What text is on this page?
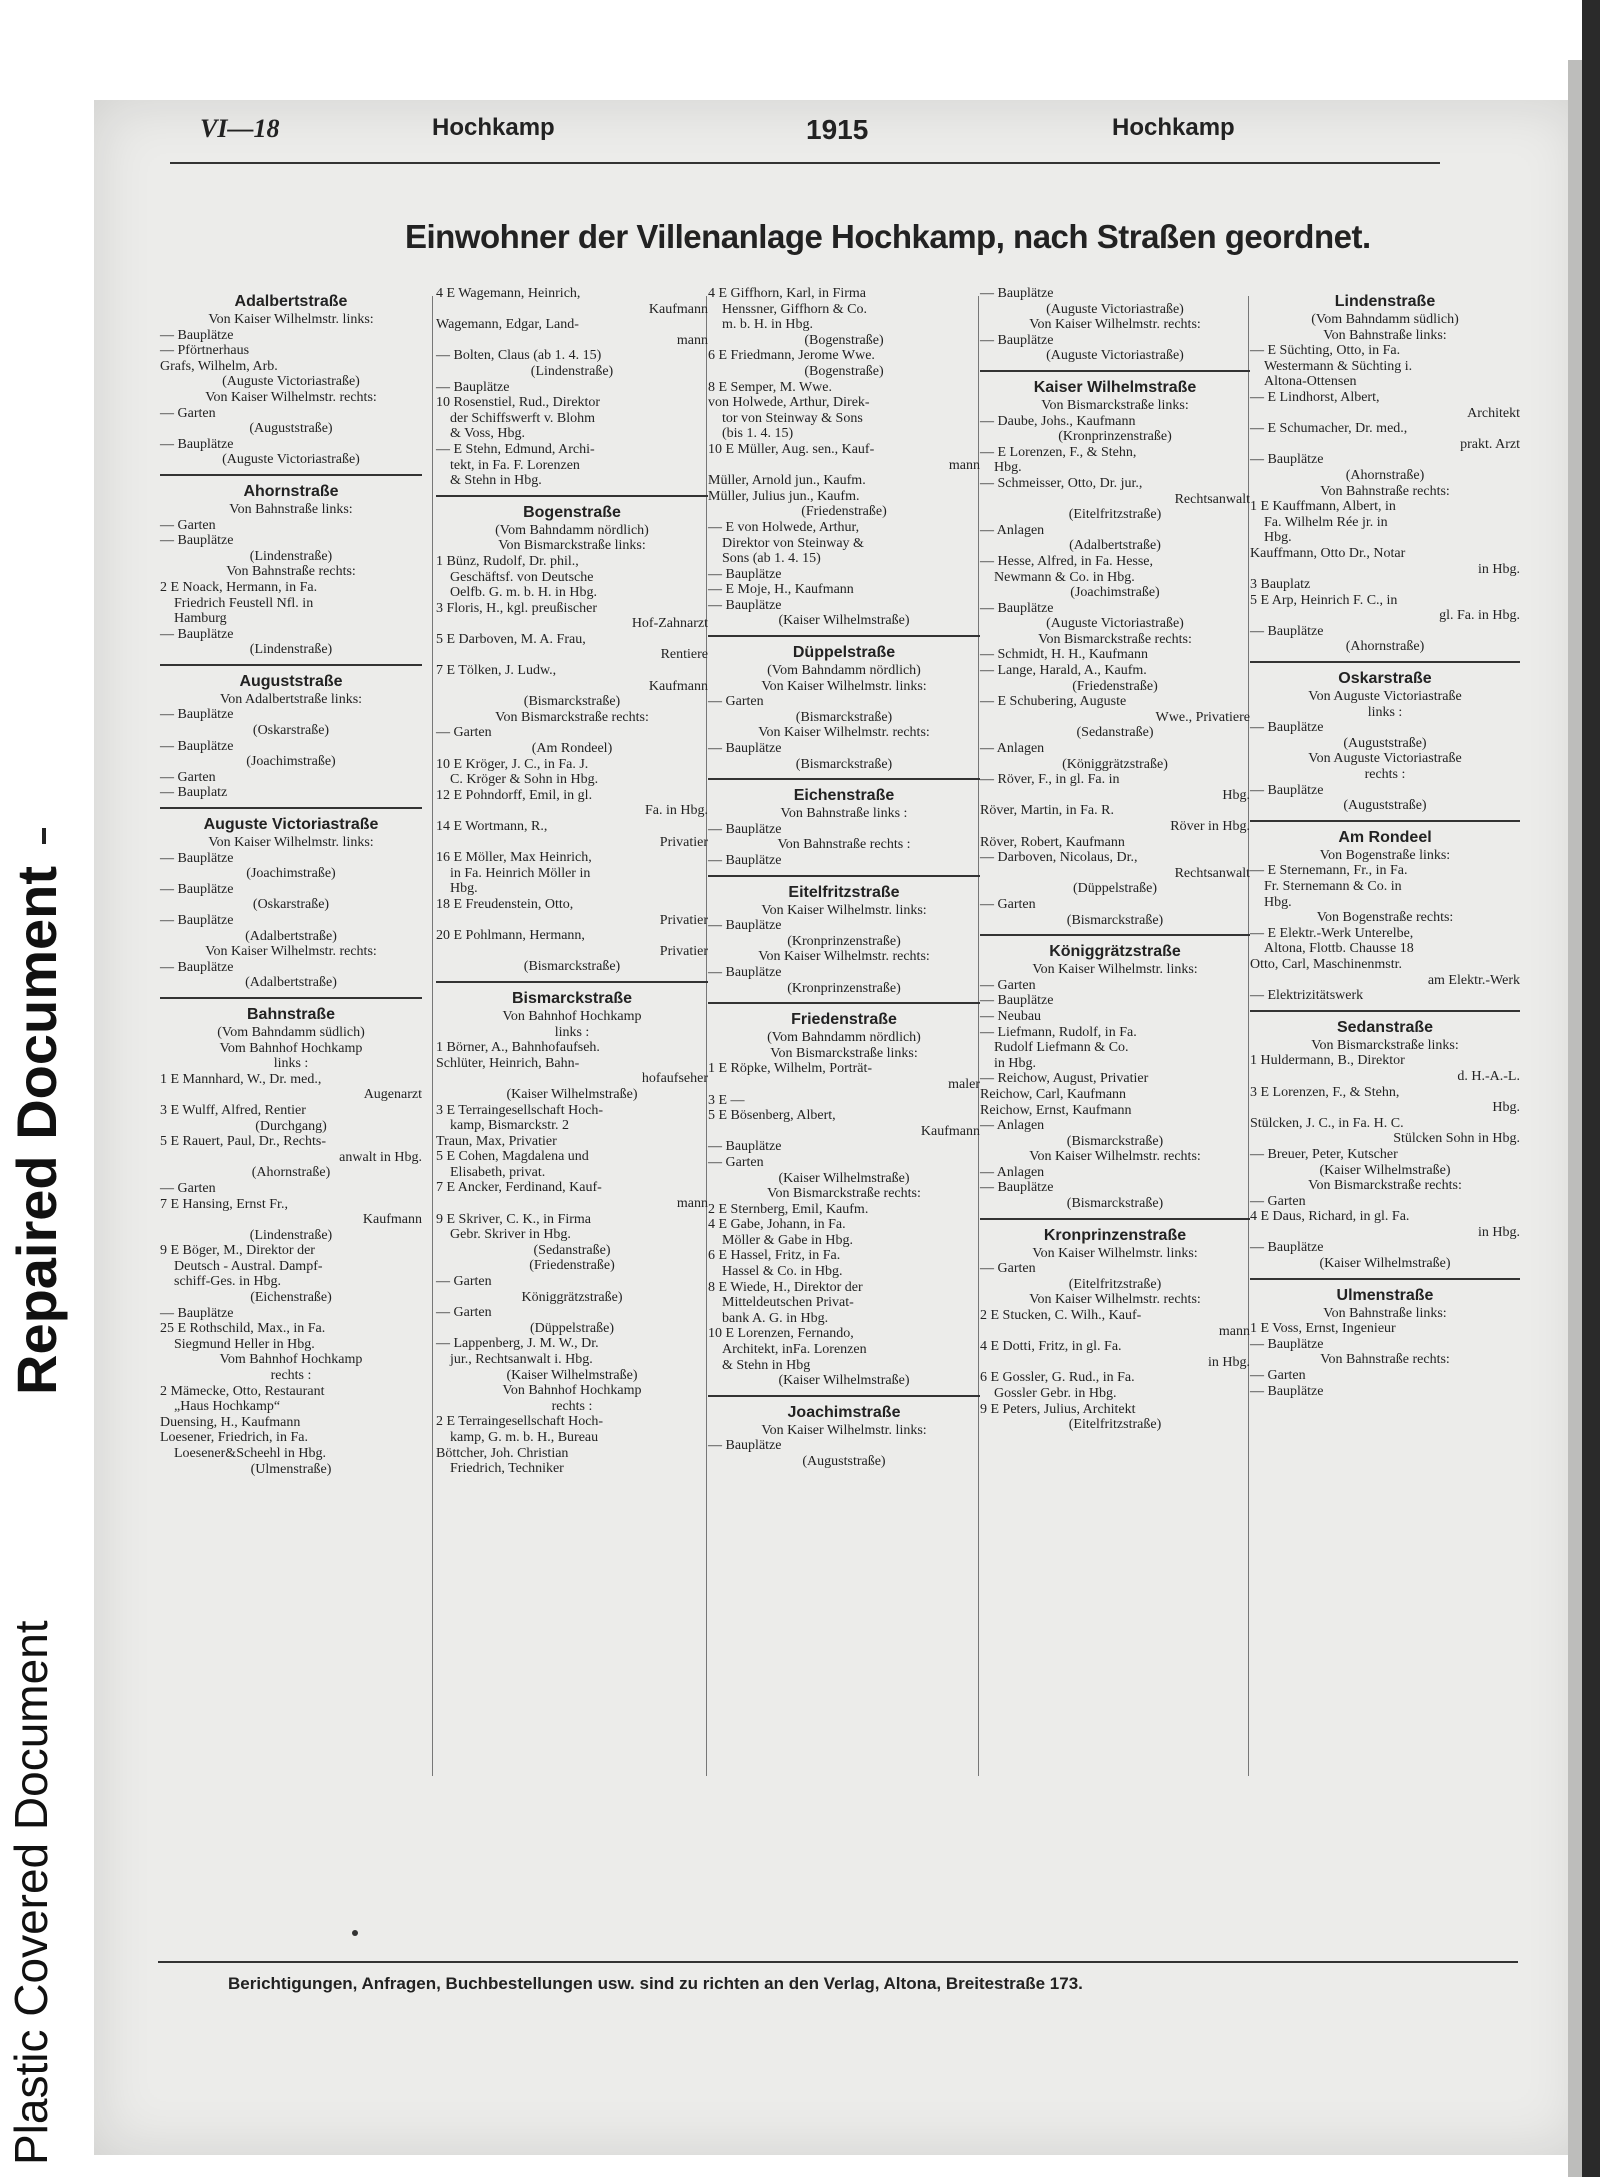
Repaired Document
Plastic Covered Document
VI—18	Hochkamp	1915	Hochkamp
Einwohner der Villenanlage Hochkamp, nach Straßen geordnet.
Adalbertstraße
Von Kaiser Wilhelmstr. links:
— Bauplätze
— Pförtnerhaus
Grafs, Wilhelm, Arb.
(Auguste Victoriastraße)
Von Kaiser Wilhelmstr. rechts:
— Garten
(Auguststraße)
— Bauplätze
(Auguste Victoriastraße)
Ahornstraße
Von Bahnstraße links:
— Garten
— Bauplätze
(Lindenstraße)
Von Bahnstraße rechts:
2 E Noack, Hermann, in Fa.
Friedrich Feustell Nfl. in
Hamburg
— Bauplätze
(Lindenstraße)
Auguststraße
Von Adalbertstraße links:
— Bauplätze
(Oskarstraße)
— Bauplätze
(Joachimstraße)
— Garten
— Bauplatz
Auguste Victoriastraße
Von Kaiser Wilhelmstr. links:
— Bauplätze
(Joachimstraße)
— Bauplätze
(Oskarstraße)
— Bauplätze
(Adalbertstraße)
Von Kaiser Wilhelmstr. rechts:
— Bauplätze
(Adalbertstraße)
Bahnstraße
(Vom Bahndamm südlich)
Vom Bahnhof Hochkamp
links :
1 E Mannhard, W., Dr. med.,
Augenarzt
3 E Wulff, Alfred, Rentier
(Durchgang)
5 E Rauert, Paul, Dr., Rechts-
anwalt in Hbg.
(Ahornstraße)
— Garten
7 E Hansing, Ernst Fr.,
Kaufmann
(Lindenstraße)
9 E Böger, M., Direktor der
Deutsch - Austral. Dampf-
schiff-Ges. in Hbg.
(Eichenstraße)
— Bauplätze
25 E Rothschild, Max., in Fa.
Siegmund Heller in Hbg.
Vom Bahnhof Hochkamp
rechts :
2 Mämecke, Otto, Restaurant
„Haus Hochkamp“
Duensing, H., Kaufmann
Loesener, Friedrich, in Fa.
Loesener&Scheehl in Hbg.
(Ulmenstraße)
4 E Wagemann, Heinrich,
Kaufmann
Wagemann, Edgar, Land-
mann
— Bolten, Claus (ab 1. 4. 15)
(Lindenstraße)
— Bauplätze
10 Rosenstiel, Rud., Direktor
der Schiffswerft v. Blohm
& Voss, Hbg.
— E Stehn, Edmund, Archi-
tekt, in Fa. F. Lorenzen
& Stehn in Hbg.
Bogenstraße
(Vom Bahndamm nördlich)
Von Bismarckstraße links:
1 Bünz, Rudolf, Dr. phil.,
Geschäftsf. von Deutsche
Oelfb. G. m. b. H. in Hbg.
3 Floris, H., kgl. preußischer
Hof-Zahnarzt
5 E Darboven, M. A. Frau,
Rentiere
7 E Tölken, J. Ludw.,
Kaufmann
(Bismarckstraße)
Von Bismarckstraße rechts:
— Garten
(Am Rondeel)
10 E Kröger, J. C., in Fa. J.
C. Kröger & Sohn in Hbg.
12 E Pohndorff, Emil, in gl.
Fa. in Hbg.
14 E Wortmann, R.,
Privatier
16 E Möller, Max Heinrich,
in Fa. Heinrich Möller in
Hbg.
18 E Freudenstein, Otto,
Privatier
20 E Pohlmann, Hermann,
Privatier
(Bismarckstraße)
Bismarckstraße
Von Bahnhof Hochkamp
links :
1 Börner, A., Bahnhofaufseh.
Schlüter, Heinrich, Bahn-
hofaufseher
(Kaiser Wilhelmstraße)
3 E Terraingesellschaft Hoch-
kamp, Bismarckstr. 2
Traun, Max, Privatier
5 E Cohen, Magdalena und
Elisabeth, privat.
7 E Ancker, Ferdinand, Kauf-
mann
9 E Skriver, C. K., in Firma
Gebr. Skriver in Hbg.
(Sedanstraße)
(Friedenstraße)
— Garten
Königgrätzstraße)
— Garten
(Düppelstraße)
— Lappenberg, J. M. W., Dr.
jur., Rechtsanwalt i. Hbg.
(Kaiser Wilhelmstraße)
Von Bahnhof Hochkamp
rechts :
2 E Terraingesellschaft Hoch-
kamp, G. m. b. H., Bureau
Böttcher, Joh. Christian
Friedrich, Techniker
4 E Giffhorn, Karl, in Firma
Henssner, Giffhorn & Co.
m. b. H. in Hbg.
(Bogenstraße)
6 E Friedmann, Jerome Wwe.
(Bogenstraße)
8 E Semper, M. Wwe.
von Holwede, Arthur, Direk-
tor von Steinway & Sons
(bis 1. 4. 15)
10 E Müller, Aug. sen., Kauf-
mann
Müller, Arnold jun., Kaufm.
Müller, Julius jun., Kaufm.
(Friedenstraße)
— E von Holwede, Arthur,
Direktor von Steinway &
Sons (ab 1. 4. 15)
— Bauplätze
— E Moje, H., Kaufmann
— Bauplätze
(Kaiser Wilhelmstraße)
Düppelstraße
(Vom Bahndamm nördlich)
Von Kaiser Wilhelmstr. links:
— Garten
(Bismarckstraße)
Von Kaiser Wilhelmstr. rechts:
— Bauplätze
(Bismarckstraße)
Eichenstraße
Von Bahnstraße links :
— Bauplätze
Von Bahnstraße rechts :
— Bauplätze
Eitelfritzstraße
Von Kaiser Wilhelmstr. links:
— Bauplätze
(Kronprinzenstraße)
Von Kaiser Wilhelmstr. rechts:
— Bauplätze
(Kronprinzenstraße)
Friedenstraße
(Vom Bahndamm nördlich)
Von Bismarckstraße links:
1 E Röpke, Wilhelm, Porträt-
maler
3 E —
5 E Bösenberg, Albert,
Kaufmann
— Bauplätze
— Garten
(Kaiser Wilhelmstraße)
Von Bismarckstraße rechts:
2 E Sternberg, Emil, Kaufm.
4 E Gabe, Johann, in Fa.
Möller & Gabe in Hbg.
6 E Hassel, Fritz, in Fa.
Hassel & Co. in Hbg.
8 E Wiede, H., Direktor der
Mitteldeutschen Privat-
bank A. G. in Hbg.
10 E Lorenzen, Fernando,
Architekt, inFa. Lorenzen
& Stehn in Hbg
(Kaiser Wilhelmstraße)
Joachimstraße
Von Kaiser Wilhelmstr. links:
— Bauplätze
(Auguststraße)
— Bauplätze
(Auguste Victoriastraße)
Von Kaiser Wilhelmstr. rechts:
— Bauplätze
(Auguste Victoriastraße)
Kaiser Wilhelmstraße
Von Bismarckstraße links:
— Daube, Johs., Kaufmann
(Kronprinzenstraße)
— E Lorenzen, F., & Stehn,
Hbg.
— Schmeisser, Otto, Dr. jur.,
Rechtsanwalt
(Eitelfritzstraße)
— Anlagen
(Adalbertstraße)
— Hesse, Alfred, in Fa. Hesse,
Newmann & Co. in Hbg.
(Joachimstraße)
— Bauplätze
(Auguste Victoriastraße)
Von Bismarckstraße rechts:
— Schmidt, H. H., Kaufmann
— Lange, Harald, A., Kaufm.
(Friedenstraße)
— E Schubering, Auguste
Wwe., Privatiere
(Sedanstraße)
— Anlagen
(Königgrätzstraße)
— Röver, F., in gl. Fa. in
Hbg.
Röver, Martin, in Fa. R.
Röver in Hbg.
Röver, Robert, Kaufmann
— Darboven, Nicolaus, Dr.,
Rechtsanwalt
(Düppelstraße)
— Garten
(Bismarckstraße)
Königgrätzstraße
Von Kaiser Wilhelmstr. links:
— Garten
— Bauplätze
— Neubau
— Liefmann, Rudolf, in Fa.
Rudolf Liefmann & Co.
in Hbg.
— Reichow, August, Privatier
Reichow, Carl, Kaufmann
Reichow, Ernst, Kaufmann
— Anlagen
(Bismarckstraße)
Von Kaiser Wilhelmstr. rechts:
— Anlagen
— Bauplätze
(Bismarckstraße)
Kronprinzenstraße
Von Kaiser Wilhelmstr. links:
— Garten
(Eitelfritzstraße)
Von Kaiser Wilhelmstr. rechts:
2 E Stucken, C. Wilh., Kauf-
mann
4 E Dotti, Fritz, in gl. Fa.
in Hbg.
6 E Gossler, G. Rud., in Fa.
Gossler Gebr. in Hbg.
9 E Peters, Julius, Architekt
(Eitelfritzstraße)
Lindenstraße
(Vom Bahndamm südlich)
Von Bahnstraße links:
— E Süchting, Otto, in Fa.
Westermann & Süchting i.
Altona-Ottensen
— E Lindhorst, Albert,
Architekt
— E Schumacher, Dr. med.,
prakt. Arzt
— Bauplätze
(Ahornstraße)
Von Bahnstraße rechts:
1 E Kauffmann, Albert, in
Fa. Wilhelm Rée jr. in
Hbg.
Kauffmann, Otto Dr., Notar
in Hbg.
3 Bauplatz
5 E Arp, Heinrich F. C., in
gl. Fa. in Hbg.
— Bauplätze
(Ahornstraße)
Oskarstraße
Von Auguste Victoriastraße
links :
— Bauplätze
(Auguststraße)
Von Auguste Victoriastraße
rechts :
— Bauplätze
(Auguststraße)
Am Rondeel
Von Bogenstraße links:
— E Sternemann, Fr., in Fa.
Fr. Sternemann & Co. in
Hbg.
Von Bogenstraße rechts:
— E Elektr.-Werk Unterelbe,
Altona, Flottb. Chausse 18
Otto, Carl, Maschinenmstr.
am Elektr.-Werk
— Elektrizitätswerk
Sedanstraße
Von Bismarckstraße links:
1 Huldermann, B., Direktor
d. H.-A.-L.
3 E Lorenzen, F., & Stehn,
Hbg.
Stülcken, J. C., in Fa. H. C.
Stülcken Sohn in Hbg.
— Breuer, Peter, Kutscher
(Kaiser Wilhelmstraße)
Von Bismarckstraße rechts:
— Garten
4 E Daus, Richard, in gl. Fa.
in Hbg.
— Bauplätze
(Kaiser Wilhelmstraße)
Ulmenstraße
Von Bahnstraße links:
1 E Voss, Ernst, Ingenieur
— Bauplätze
Von Bahnstraße rechts:
— Garten
— Bauplätze
Berichtigungen, Anfragen, Buchbestellungen usw. sind zu richten an den Verlag, Altona, Breitestraße 173.
